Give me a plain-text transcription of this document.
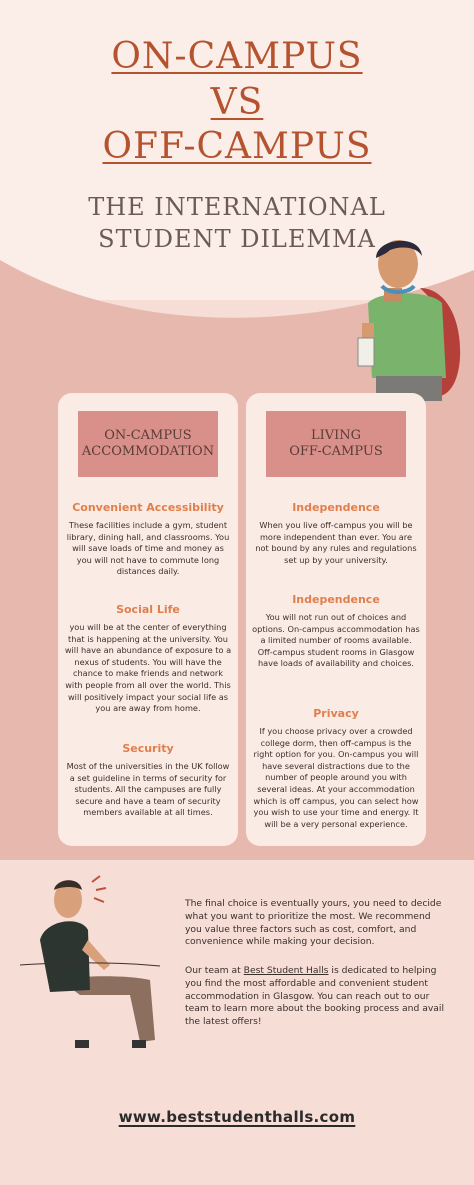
ON-CAMPUS
VS
OFF-CAMPUS
THE INTERNATIONAL
STUDENT DILEMMA
ON-CAMPUS
ACCOMMODATION
Convenient Accessibility
These facilities include a gym, student library, dining hall, and classrooms. You will save loads of time and money as you will not have to commute long distances daily.
Social Life
you will be at the center of everything that is happening at the university. You will have an abundance of exposure to a nexus of students. You will have the chance to make friends and network with people from all over the world. This will positively impact your social life as you are away from home.
Security
Most of the universities in the UK follow a set guideline in terms of security for students. All the campuses are fully secure and have a team of security members available at all times.
LIVING
OFF-CAMPUS
Independence
When you live off-campus you will be more independent than ever. You are not bound by any rules and regulations set up by your university.
Independence
You will not run out of choices and options. On-campus accommodation has a limited number of rooms available. Off-campus student rooms in Glasgow have loads of availability and choices.
Privacy
If you choose privacy over a crowded college dorm, then off-campus is the right option for you. On-campus you will have several distractions due to the number of people around you with several ideas. At your accommodation which is off campus, you can select how you wish to use your time and energy. It will be a very personal experience.
The final choice is eventually yours, you need to decide what you want to prioritize the most. We recommend you value three factors such as cost, comfort, and convenience while making your decision.
Our team at Best Student Halls is dedicated to helping you find the most affordable and convenient student accommodation in Glasgow. You can reach out to our team to learn more about the booking process and avail the latest offers!
www.beststudenthalls.com
